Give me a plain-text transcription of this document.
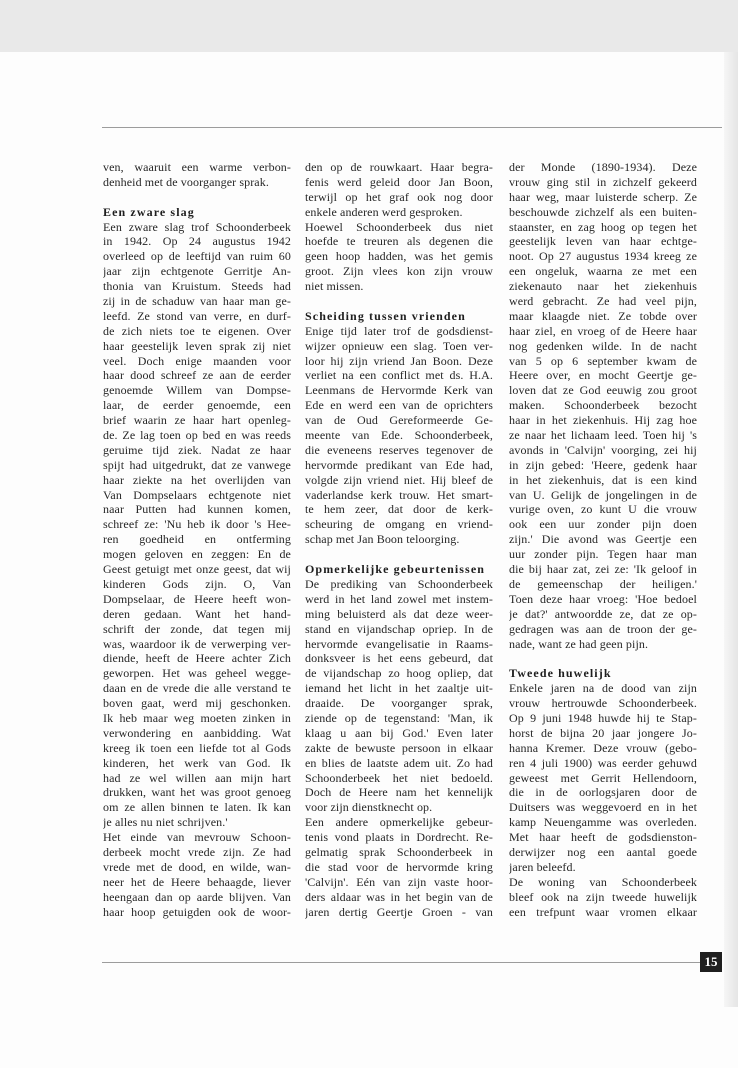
ven, waaruit een warme verbon-
denheid met de voorganger sprak.
Een zware slag
Een zware slag trof Schoonderbeek
in 1942. Op 24 augustus 1942
overleed op de leeftijd van ruim 60
jaar zijn echtgenote Gerritje An-
thonia van Kruistum. Steeds had
zij in de schaduw van haar man ge-
leefd. Ze stond van verre, en durf-
de zich niets toe te eigenen. Over
haar geestelijk leven sprak zij niet
veel. Doch enige maanden voor
haar dood schreef ze aan de eerder
genoemde Willem van Dompse-
laar, de eerder genoemde, een
brief waarin ze haar hart openleg-
de. Ze lag toen op bed en was reeds
geruime tijd ziek. Nadat ze haar
spijt had uitgedrukt, dat ze vanwege
haar ziekte na het overlijden van
Van Dompselaars echtgenote niet
naar Putten had kunnen komen,
schreef ze: 'Nu heb ik door 's Hee-
ren goedheid en ontferming
mogen geloven en zeggen: En de
Geest getuigt met onze geest, dat wij
kinderen Gods zijn. O, Van
Dompselaar, de Heere heeft won-
deren gedaan. Want het hand-
schrift der zonde, dat tegen mij
was, waardoor ik de verwerping ver-
diende, heeft de Heere achter Zich
geworpen. Het was geheel wegge-
daan en de vrede die alle verstand te
boven gaat, werd mij geschonken.
Ik heb maar weg moeten zinken in
verwondering en aanbidding. Wat
kreeg ik toen een liefde tot al Gods
kinderen, het werk van God. Ik
had ze wel willen aan mijn hart
drukken, want het was groot genoeg
om ze allen binnen te laten. Ik kan
je alles nu niet schrijven.'
Het einde van mevrouw Schoon-
derbeek mocht vrede zijn. Ze had
vrede met de dood, en wilde, wan-
neer het de Heere behaagde, liever
heengaan dan op aarde blijven. Van
haar hoop getuigden ook de woor-
den op de rouwkaart. Haar begra-
fenis werd geleid door Jan Boon,
terwijl op het graf ook nog door
enkele anderen werd gesproken.
Hoewel Schoonderbeek dus niet
hoefde te treuren als degenen die
geen hoop hadden, was het gemis
groot. Zijn vlees kon zijn vrouw
niet missen.
Scheiding tussen vrienden
Enige tijd later trof de godsdienst-
wijzer opnieuw een slag. Toen ver-
loor hij zijn vriend Jan Boon. Deze
verliet na een conflict met ds. H.A.
Leenmans de Hervormde Kerk van
Ede en werd een van de oprichters
van de Oud Gereformeerde Ge-
meente van Ede. Schoonderbeek,
die eveneens reserves tegenover de
hervormde predikant van Ede had,
volgde zijn vriend niet. Hij bleef de
vaderlandse kerk trouw. Het smart-
te hem zeer, dat door de kerk-
scheuring de omgang en vriend-
schap met Jan Boon teloorging.
Opmerkelijke gebeurtenissen
De prediking van Schoonderbeek
werd in het land zowel met instem-
ming beluisterd als dat deze weer-
stand en vijandschap opriep. In de
hervormde evangelisatie in Raams-
donksveer is het eens gebeurd, dat
de vijandschap zo hoog opliep, dat
iemand het licht in het zaaltje uit-
draaide. De voorganger sprak,
ziende op de tegenstand: 'Man, ik
klaag u aan bij God.' Even later
zakte de bewuste persoon in elkaar
en blies de laatste adem uit. Zo had
Schoonderbeek het niet bedoeld.
Doch de Heere nam het kennelijk
voor zijn dienstknecht op.
Een andere opmerkelijke gebeur-
tenis vond plaats in Dordrecht. Re-
gelmatig sprak Schoonderbeek in
die stad voor de hervormde kring
'Calvijn'. Eén van zijn vaste hoor-
ders aldaar was in het begin van de
jaren dertig Geertje Groen - van
der Monde (1890-1934). Deze
vrouw ging stil in zichzelf gekeerd
haar weg, maar luisterde scherp. Ze
beschouwde zichzelf als een buiten-
staanster, en zag hoog op tegen het
geestelijk leven van haar echtge-
noot. Op 27 augustus 1934 kreeg ze
een ongeluk, waarna ze met een
ziekenauto naar het ziekenhuis
werd gebracht. Ze had veel pijn,
maar klaagde niet. Ze tobde over
haar ziel, en vroeg of de Heere haar
nog gedenken wilde. In de nacht
van 5 op 6 september kwam de
Heere over, en mocht Geertje ge-
loven dat ze God eeuwig zou groot
maken. Schoonderbeek bezocht
haar in het ziekenhuis. Hij zag hoe
ze naar het lichaam leed. Toen hij 's
avonds in 'Calvijn' voorging, zei hij
in zijn gebed: 'Heere, gedenk haar
in het ziekenhuis, dat is een kind
van U. Gelijk de jongelingen in de
vurige oven, zo kunt U die vrouw
ook een uur zonder pijn doen
zijn.' Die avond was Geertje een
uur zonder pijn. Tegen haar man
die bij haar zat, zei ze: 'Ik geloof in
de gemeenschap der heiligen.'
Toen deze haar vroeg: 'Hoe bedoel
je dat?' antwoordde ze, dat ze op-
gedragen was aan de troon der ge-
nade, want ze had geen pijn.
Tweede huwelijk
Enkele jaren na de dood van zijn
vrouw hertrouwde Schoonderbeek.
Op 9 juni 1948 huwde hij te Stap-
horst de bijna 20 jaar jongere Jo-
hanna Kremer. Deze vrouw (gebo-
ren 4 juli 1900) was eerder gehuwd
geweest met Gerrit Hellendoorn,
die in de oorlogsjaren door de
Duitsers was weggevoerd en in het
kamp Neuengamme was overleden.
Met haar heeft de godsdienston-
derwijzer nog een aantal goede
jaren beleefd.
De woning van Schoonderbeek
bleef ook na zijn tweede huwelijk
een trefpunt waar vromen elkaar
15
